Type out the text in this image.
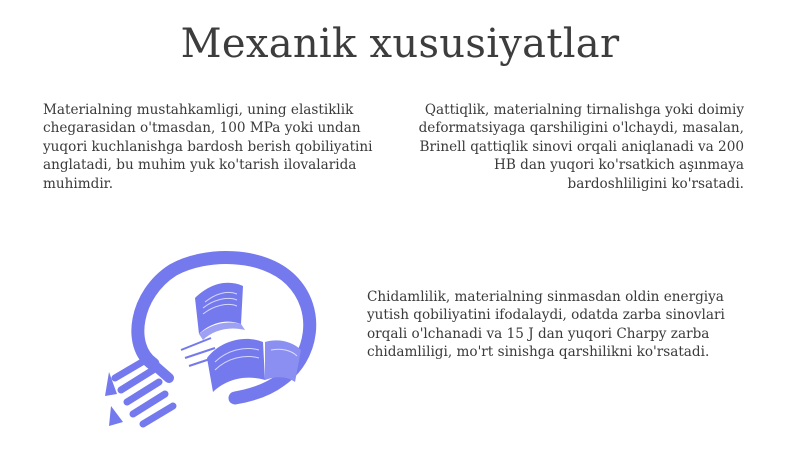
Mexanik xususiyatlar
Materialning mustahkamligi, uning elastiklik chegarasidan o'tmasdan, 100 MPa yoki undan yuqori kuchlanishga bardosh berish qobiliyatini anglatadi, bu muhim yuk ko'tarish ilovalarida muhimdir.
Qattiqlik, materialning tirnalishga yoki doimiy deformatsiyaga qarshiligini o'lchaydi, masalan, Brinell qattiqlik sinovi orqali aniqlanadi va 200 HB dan yuqori ko'rsatkich aşınmaya bardoshliligini ko'rsatadi.
Chidamlilik, materialning sinmasdan oldin energiya yutish qobiliyatini ifodalaydi, odatda zarba sinovlari orqali o'lchanadi va 15 J dan yuqori Charpy zarba chidamliligi, mo'rt sinishga qarshilikni ko'rsatadi.
